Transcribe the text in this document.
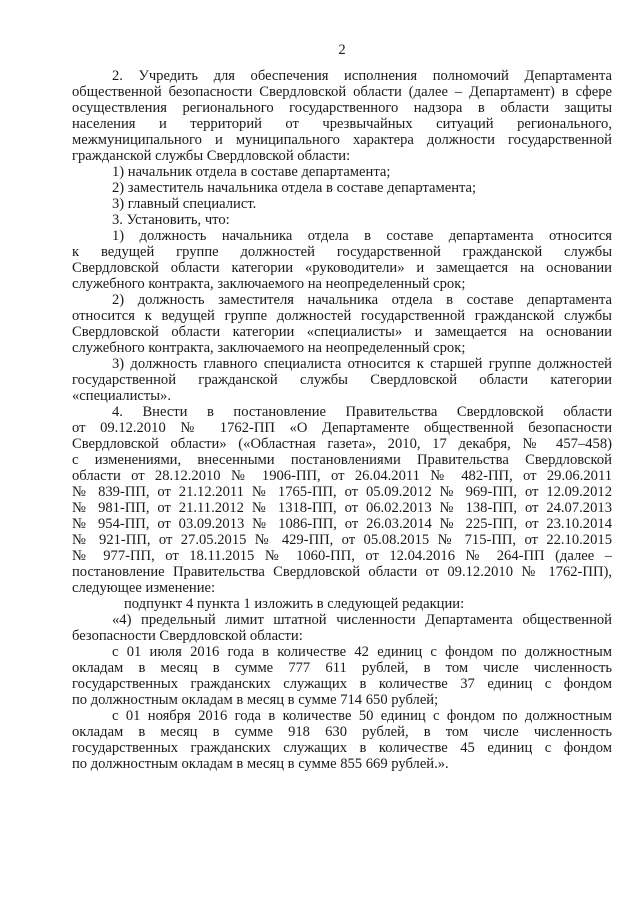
2
2. Учредить для обеспечения исполнения полномочий Департамента
общественной безопасности Свердловской области (далее – Департамент) в сфере
осуществления регионального государственного надзора в области защиты
населения и территорий от чрезвычайных ситуаций регионального,
межмуниципального и муниципального характера должности государственной
гражданской службы Свердловской области:
1) начальник отдела в составе департамента;
2) заместитель начальника отдела в составе департамента;
3) главный специалист.
3. Установить, что:
1) должность начальника отдела в составе департамента относится
к ведущей группе должностей государственной гражданской службы
Свердловской области категории «руководители» и замещается на основании
служебного контракта, заключаемого на неопределенный срок;
2) должность заместителя начальника отдела в составе департамента
относится к ведущей группе должностей государственной гражданской службы
Свердловской области категории «специалисты» и замещается на основании
служебного контракта, заключаемого на неопределенный срок;
3) должность главного специалиста относится к старшей группе должностей
государственной гражданской службы Свердловской области категории
«специалисты».
4. Внести в постановление Правительства Свердловской области
от 09.12.2010 № 1762-ПП «О Департаменте общественной безопасности
Свердловской области» («Областная газета», 2010, 17 декабря, № 457–458)
с изменениями, внесенными постановлениями Правительства Свердловской
области от 28.12.2010 № 1906-ПП, от 26.04.2011 № 482-ПП, от 29.06.2011
№ 839-ПП, от 21.12.2011 № 1765-ПП, от 05.09.2012 № 969-ПП, от 12.09.2012
№ 981-ПП, от 21.11.2012 № 1318-ПП, от 06.02.2013 № 138-ПП, от 24.07.2013
№ 954-ПП, от 03.09.2013 № 1086-ПП, от 26.03.2014 № 225-ПП, от 23.10.2014
№ 921-ПП, от 27.05.2015 № 429-ПП, от 05.08.2015 № 715-ПП, от 22.10.2015
№ 977-ПП, от 18.11.2015 № 1060-ПП, от 12.04.2016 № 264-ПП (далее –
постановление Правительства Свердловской области от 09.12.2010 № 1762-ПП),
следующее изменение:
подпункт 4 пункта 1 изложить в следующей редакции:
«4) предельный лимит штатной численности Департамента общественной
безопасности Свердловской области:
с 01 июля 2016 года в количестве 42 единиц с фондом по должностным
окладам в месяц в сумме 777 611 рублей, в том числе численность
государственных гражданских служащих в количестве 37 единиц с фондом
по должностным окладам в месяц в сумме 714 650 рублей;
с 01 ноября 2016 года в количестве 50 единиц с фондом по должностным
окладам в месяц в сумме 918 630 рублей, в том числе численность
государственных гражданских служащих в количестве 45 единиц с фондом
по должностным окладам в месяц в сумме 855 669 рублей.».
